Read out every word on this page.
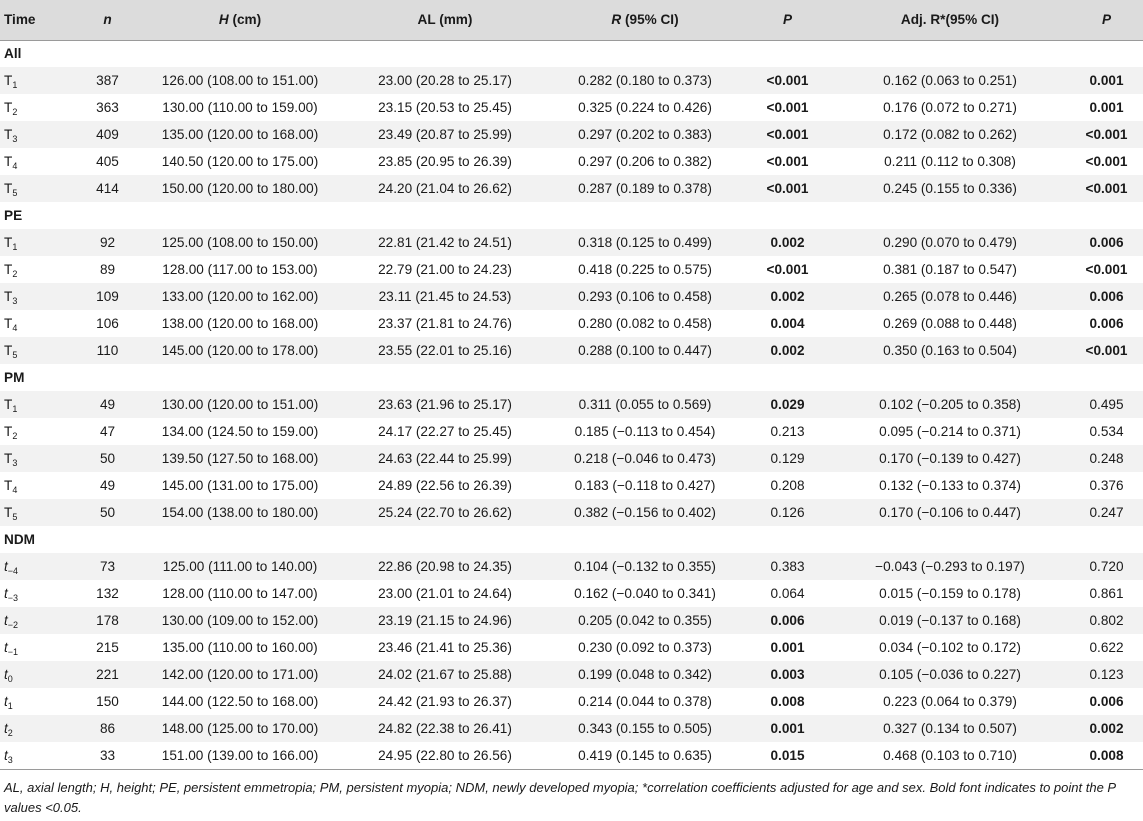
Time	n	H (cm)	AL (mm)	R (95% CI)	P	Adj. R*(95% CI)	P
All							
$T_1$	387	126.00 (108.00 to 151.00)	23.00 (20.28 to 25.17)	0.282 (0.180 to 0.373)	<0.001	0.162 (0.063 to 0.251)	0.001
$T_2$	363	130.00 (110.00 to 159.00)	23.15 (20.53 to 25.45)	0.325 (0.224 to 0.426)	<0.001	0.176 (0.072 to 0.271)	0.001
$T_3$	409	135.00 (120.00 to 168.00)	23.49 (20.87 to 25.99)	0.297 (0.202 to 0.383)	<0.001	0.172 (0.082 to 0.262)	<0.001
$T_4$	405	140.50 (120.00 to 175.00)	23.85 (20.95 to 26.39)	0.297 (0.206 to 0.382)	<0.001	0.211 (0.112 to 0.308)	<0.001
$T_5$	414	150.00 (120.00 to 180.00)	24.20 (21.04 to 26.62)	0.287 (0.189 to 0.378)	<0.001	0.245 (0.155 to 0.336)	<0.001
PE							
$T_1$	92	125.00 (108.00 to 150.00)	22.81 (21.42 to 24.51)	0.318 (0.125 to 0.499)	0.002	0.290 (0.070 to 0.479)	0.006
$T_2$	89	128.00 (117.00 to 153.00)	22.79 (21.00 to 24.23)	0.418 (0.225 to 0.575)	<0.001	0.381 (0.187 to 0.547)	<0.001
$T_3$	109	133.00 (120.00 to 162.00)	23.11 (21.45 to 24.53)	0.293 (0.106 to 0.458)	0.002	0.265 (0.078 to 0.446)	0.006
$T_4$	106	138.00 (120.00 to 168.00)	23.37 (21.81 to 24.76)	0.280 (0.082 to 0.458)	0.004	0.269 (0.088 to 0.448)	0.006
$T_5$	110	145.00 (120.00 to 178.00)	23.55 (22.01 to 25.16)	0.288 (0.100 to 0.447)	0.002	0.350 (0.163 to 0.504)	<0.001
PM							
$T_1$	49	130.00 (120.00 to 151.00)	23.63 (21.96 to 25.17)	0.311 (0.055 to 0.569)	0.029	0.102 (−0.205 to 0.358)	0.495
$T_2$	47	134.00 (124.50 to 159.00)	24.17 (22.27 to 25.45)	0.185 (−0.113 to 0.454)	0.213	0.095 (−0.214 to 0.371)	0.534
$T_3$	50	139.50 (127.50 to 168.00)	24.63 (22.44 to 25.99)	0.218 (−0.046 to 0.473)	0.129	0.170 (−0.139 to 0.427)	0.248
$T_4$	49	145.00 (131.00 to 175.00)	24.89 (22.56 to 26.39)	0.183 (−0.118 to 0.427)	0.208	0.132 (−0.133 to 0.374)	0.376
$T_5$	50	154.00 (138.00 to 180.00)	25.24 (22.70 to 26.62)	0.382 (−0.156 to 0.402)	0.126	0.170 (−0.106 to 0.447)	0.247
NDM							
$t_{-4}$	73	125.00 (111.00 to 140.00)	22.86 (20.98 to 24.35)	0.104 (−0.132 to 0.355)	0.383	−0.043 (−0.293 to 0.197)	0.720
$t_{-3}$	132	128.00 (110.00 to 147.00)	23.00 (21.01 to 24.64)	0.162 (−0.040 to 0.341)	0.064	0.015 (−0.159 to 0.178)	0.861
$t_{-2}$	178	130.00 (109.00 to 152.00)	23.19 (21.15 to 24.96)	0.205 (0.042 to 0.355)	0.006	0.019 (−0.137 to 0.168)	0.802
$t_{-1}$	215	135.00 (110.00 to 160.00)	23.46 (21.41 to 25.36)	0.230 (0.092 to 0.373)	0.001	0.034 (−0.102 to 0.172)	0.622
$t_0$	221	142.00 (120.00 to 171.00)	24.02 (21.67 to 25.88)	0.199 (0.048 to 0.342)	0.003	0.105 (−0.036 to 0.227)	0.123
$t_1$	150	144.00 (122.50 to 168.00)	24.42 (21.93 to 26.37)	0.214 (0.044 to 0.378)	0.008	0.223 (0.064 to 0.379)	0.006
$t_2$	86	148.00 (125.00 to 170.00)	24.82 (22.38 to 26.41)	0.343 (0.155 to 0.505)	0.001	0.327 (0.134 to 0.507)	0.002
$t_3$	33	151.00 (139.00 to 166.00)	24.95 (22.80 to 26.56)	0.419 (0.145 to 0.635)	0.015	0.468 (0.103 to 0.710)	0.008
AL, axial length; H, height; PE, persistent emmetropia; PM, persistent myopia; NDM, newly developed myopia; *correlation coefficients adjusted for age and sex. Bold font indicates to point the P values <0.05.
